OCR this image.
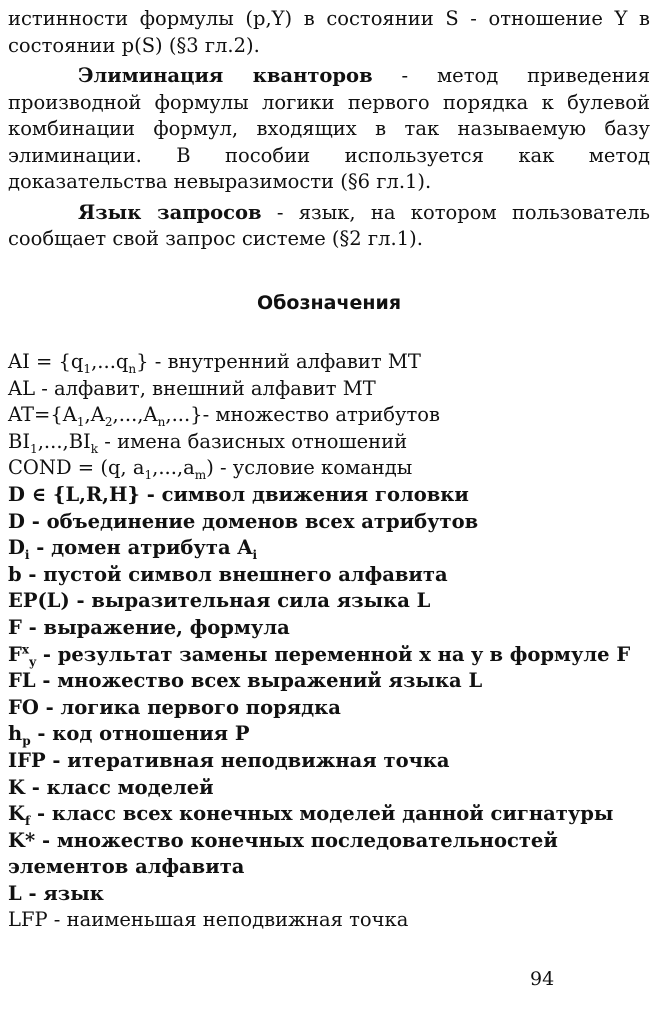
истинности формулы (p,Y) в состоянии S - отношение Y в состоянии p(S) (§3 гл.2).

Элиминация кванторов - метод приведения производной формулы логики первого порядка к булевой комбинации формул, входящих в так называемую базу элиминации. В пособии используется как метод доказательства невыразимости (§6 гл.1).

Язык запросов - язык, на котором пользователь сообщает свой запрос системе (§2 гл.1).

Обозначения
AI = $\{q_1,...q_n\}$ - внутренний алфавит МТ
AL - алфавит, внешний алфавит МТ
$AT=\{A_1,A_2,...,A_n,...\}-$ множество атрибутов
$BI_1,...,BI_k$ - имена базисных отношений
COND = (q, $a_1,...,a_m$) - условие команды
D ∈ {L,R,H} - символ движения головки
D - объединение доменов всех атрибутов
$D_i$ - домен атрибута $A_i$
b - пустой символ внешнего алфавита
EP(L) - выразительная сила языка L
F - выражение, формула
$F^x_y$ - результат замены переменной x на y в формуле F
FL - множество всех выражений языка L
FO - логика первого порядка
$h_p$ - код отношения P
IFP - итеративная неподвижная точка
K - класс моделей
$K_f$ - класс всех конечных моделей данной сигнатуры
K* - множество конечных последовательностей элементов алфавита
L - язык
LFP - наименьшая неподвижная точка
94
